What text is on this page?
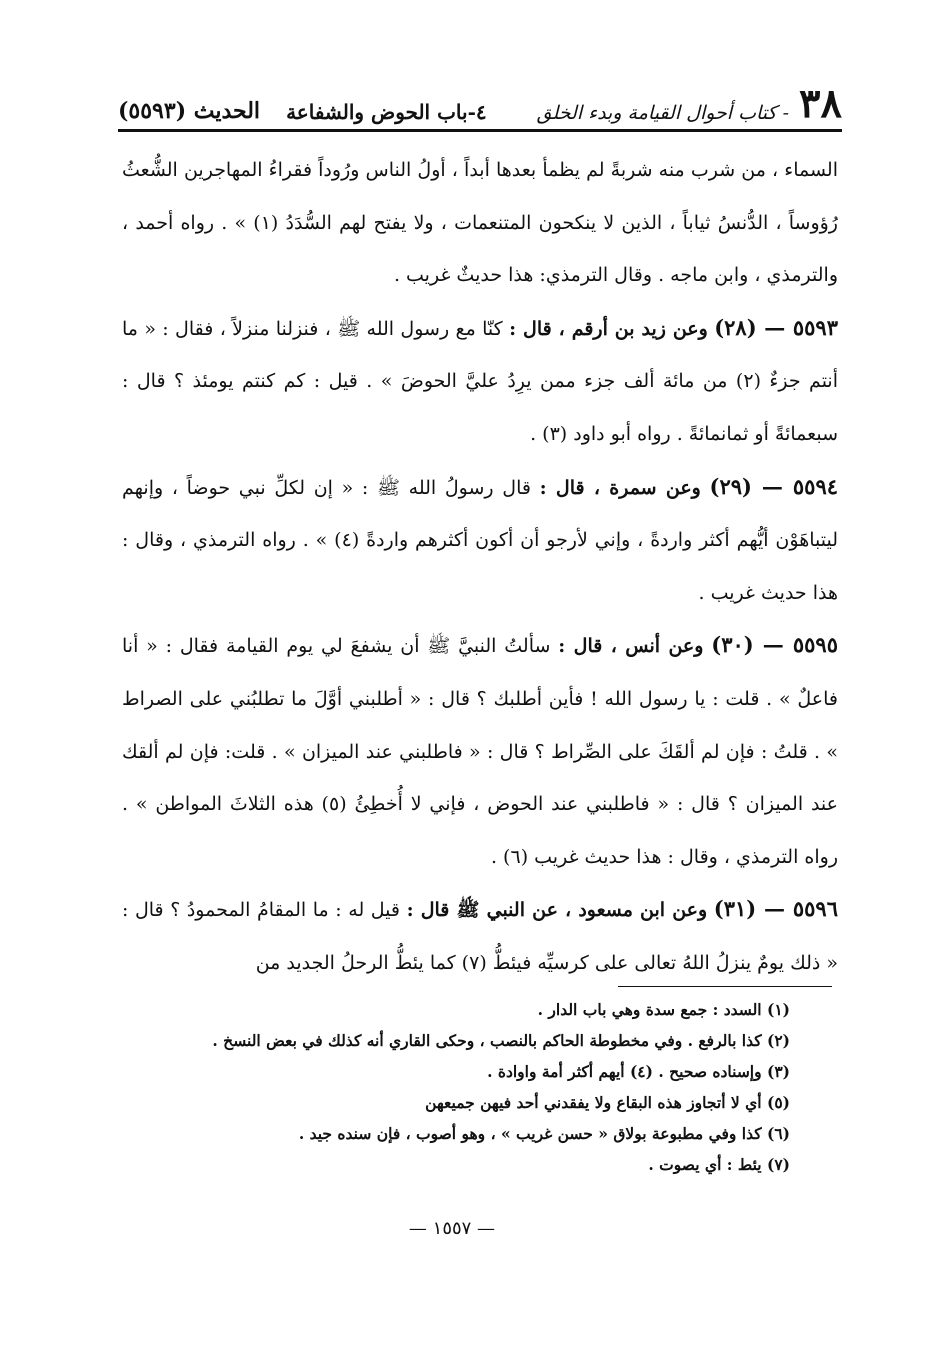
٣٨
- كتاب أحوال القيامة وبدء الخلق
٤-باب الحوض والشفاعة
الحديث (٥٥٩٣)

السماء ، من شرب منه شربةً لم يظمأ بعدها أبداً ، أولُ الناس ورُوداً فقراءُ المهاجرين الشُّعثُ رُؤوساً ، الدُّنسُ ثياباً ، الذين لا ينكحون المتنعمات ، ولا يفتح لهم السُّدَدُ (١) » . رواه أحمد ، والترمذي ، وابن ماجه . وقال الترمذي: هذا حديثٌ غريب .

٥٥٩٣ — (٢٨) وعن زيد بن أرقم ، قال : كنّا مع رسول الله ﷺ ، فنزلنا منزلاً ، فقال : « ما أنتم جزءٌ (٢) من مائة ألف جزء ممن يرِدُ عليَّ الحوضَ » . قيل : كم كنتم يومئذ ؟ قال : سبعمائةً أو ثمانمائةً . رواه أبو داود (٣) .

٥٥٩٤ — (٢٩) وعن سمرة ، قال : قال رسولُ الله ﷺ : « إن لكلِّ نبي حوضاً ، وإنهم ليتباهَوْن أيُّهم أكثر واردةً ، وإني لأرجو أن أكون أكثرهم واردةً (٤) » . رواه الترمذي ، وقال : هذا حديث غريب .

٥٥٩٥ — (٣٠) وعن أنس ، قال : سألتُ النبيَّ ﷺ أن يشفعَ لي يوم القيامة فقال : « أنا فاعلٌ » . قلت : يا رسول الله ! فأين أطلبك ؟ قال : « أطلبني أوَّلَ ما تطلبُني على الصراط » . قلتُ : فإن لم ألقَكَ على الصِّراط ؟ قال : « فاطلبني عند الميزان » . قلت: فإن لم ألقك عند الميزان ؟ قال : « فاطلبني عند الحوض ، فإني لا أُخطِئُ (٥) هذه الثلاثَ المواطن » . رواه الترمذي ، وقال : هذا حديث غريب (٦) .

٥٥٩٦ — (٣١) وعن ابن مسعود ، عن النبي ﷺ قال : قيل له : ما المقامُ المحمودُ ؟ قال : « ذلك يومٌ ينزلُ اللهُ تعالى على كرسيِّه فيئطُّ (٧) كما يئطُّ الرحلُ الجديد من

(١) السدد : جمع سدة وهي باب الدار .
(٢) كذا بالرفع . وفي مخطوطة الحاكم بالنصب ، وحكى القاري أنه كذلك في بعض النسخ .
(٣) وإسناده صحيح . (٤) أيهم أكثر أمة واوادة .
(٥) أي لا أتجاوز هذه البقاع ولا يفقدني أحد فيهن جميعهن
(٦) كذا وفي مطبوعة بولاق « حسن غريب » ، وهو أصوب ، فإن سنده جيد .
(٧) يئط : أي يصوت .
— ١٥٥٧ —
